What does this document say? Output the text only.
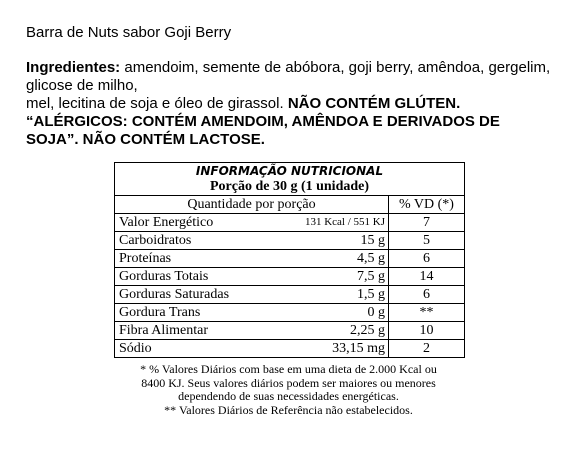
Barra de Nuts sabor Goji Berry

Ingredientes: amendoim, semente de abóbora, goji berry, amêndoa, gergelim, glicose de milho,

mel, lecitina de soja e óleo de girassol. NÃO CONTÉM GLÚTEN. “ALÉRGICOS: CONTÉM AMENDOIM, AMÊNDOA E DERIVADOS DE SOJA”. NÃO CONTÉM LACTOSE.

INFORMAÇÃO NUTRICIONAL
Porção de 30 g (1 unidade)
Quantidade por porção	% VD (*)
Valor Energético	131 Kcal / 551 KJ	7
Carboidratos	15 g	5
Proteínas	4,5 g	6
Gorduras Totais	7,5 g	14
Gorduras Saturadas	1,5 g	6
Gordura Trans	0 g	**
Fibra Alimentar	2,25 g	10
Sódio	33,15 mg	2
* % Valores Diários com base em uma dieta de 2.000 Kcal ou
8400 KJ. Seus valores diários podem ser maiores ou menores
dependendo de suas necessidades energéticas.
** Valores Diários de Referência não estabelecidos.
